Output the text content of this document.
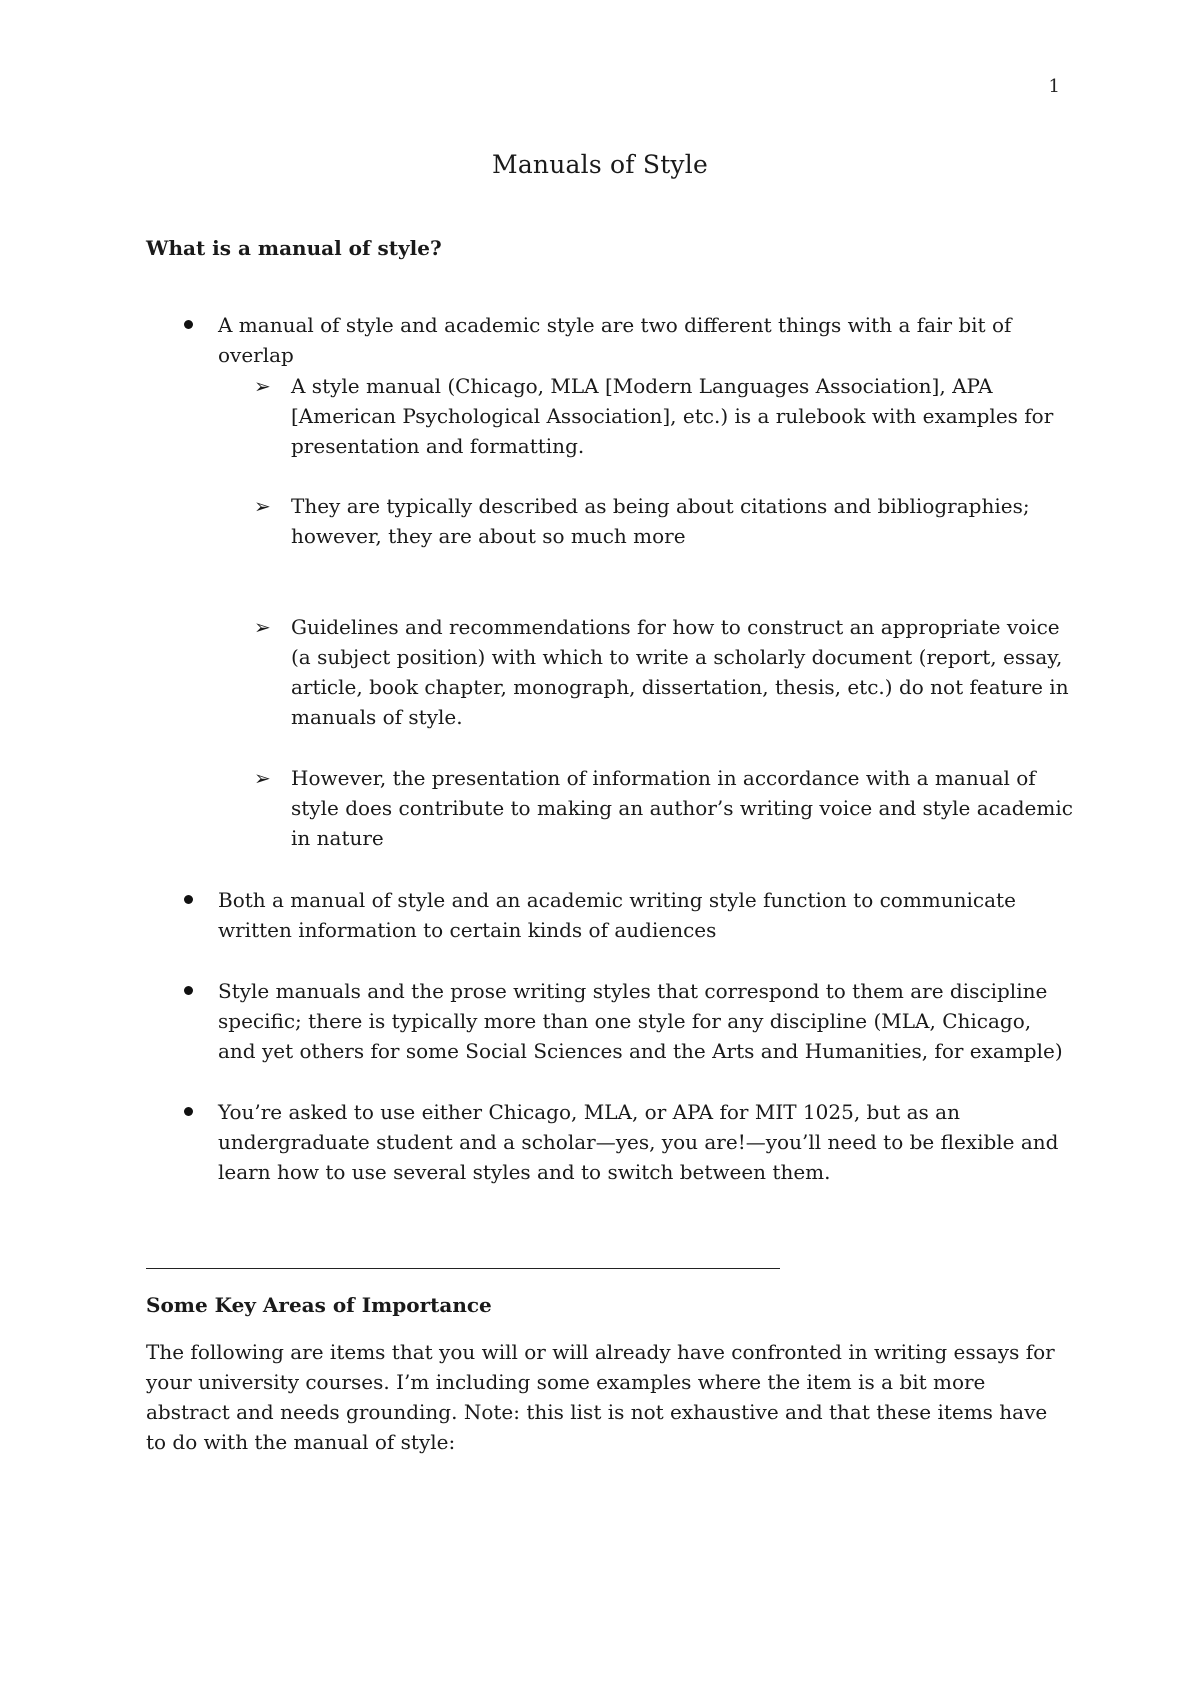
1
Manuals of Style
What is a manual of style?
A manual of style and academic style are two different things with a fair bit of overlap
➢	A style manual (Chicago, MLA [Modern Languages Association], APA [American Psychological Association], etc.) is a rulebook with examples for presentation and formatting.
➢	They are typically described as being about citations and bibliographies; however, they are about so much more
➢	Guidelines and recommendations for how to construct an appropriate voice (a subject position) with which to write a scholarly document (report, essay, article, book chapter, monograph, dissertation, thesis, etc.) do not feature in manuals of style.
➢	However, the presentation of information in accordance with a manual of style does contribute to making an author’s writing voice and style academic in nature
Both a manual of style and an academic writing style function to communicate written information to certain kinds of audiences
Style manuals and the prose writing styles that correspond to them are discipline specific; there is typically more than one style for any discipline (MLA, Chicago, and yet others for some Social Sciences and the Arts and Humanities, for example)
You’re asked to use either Chicago, MLA, or APA for MIT 1025, but as an undergraduate student and a scholar—yes, you are!—you’ll need to be flexible and learn how to use several styles and to switch between them.
Some Key Areas of Importance

The following are items that you will or will already have confronted in writing essays for your university courses. I’m including some examples where the item is a bit more abstract and needs grounding. Note: this list is not exhaustive and that these items have to do with the manual of style:
